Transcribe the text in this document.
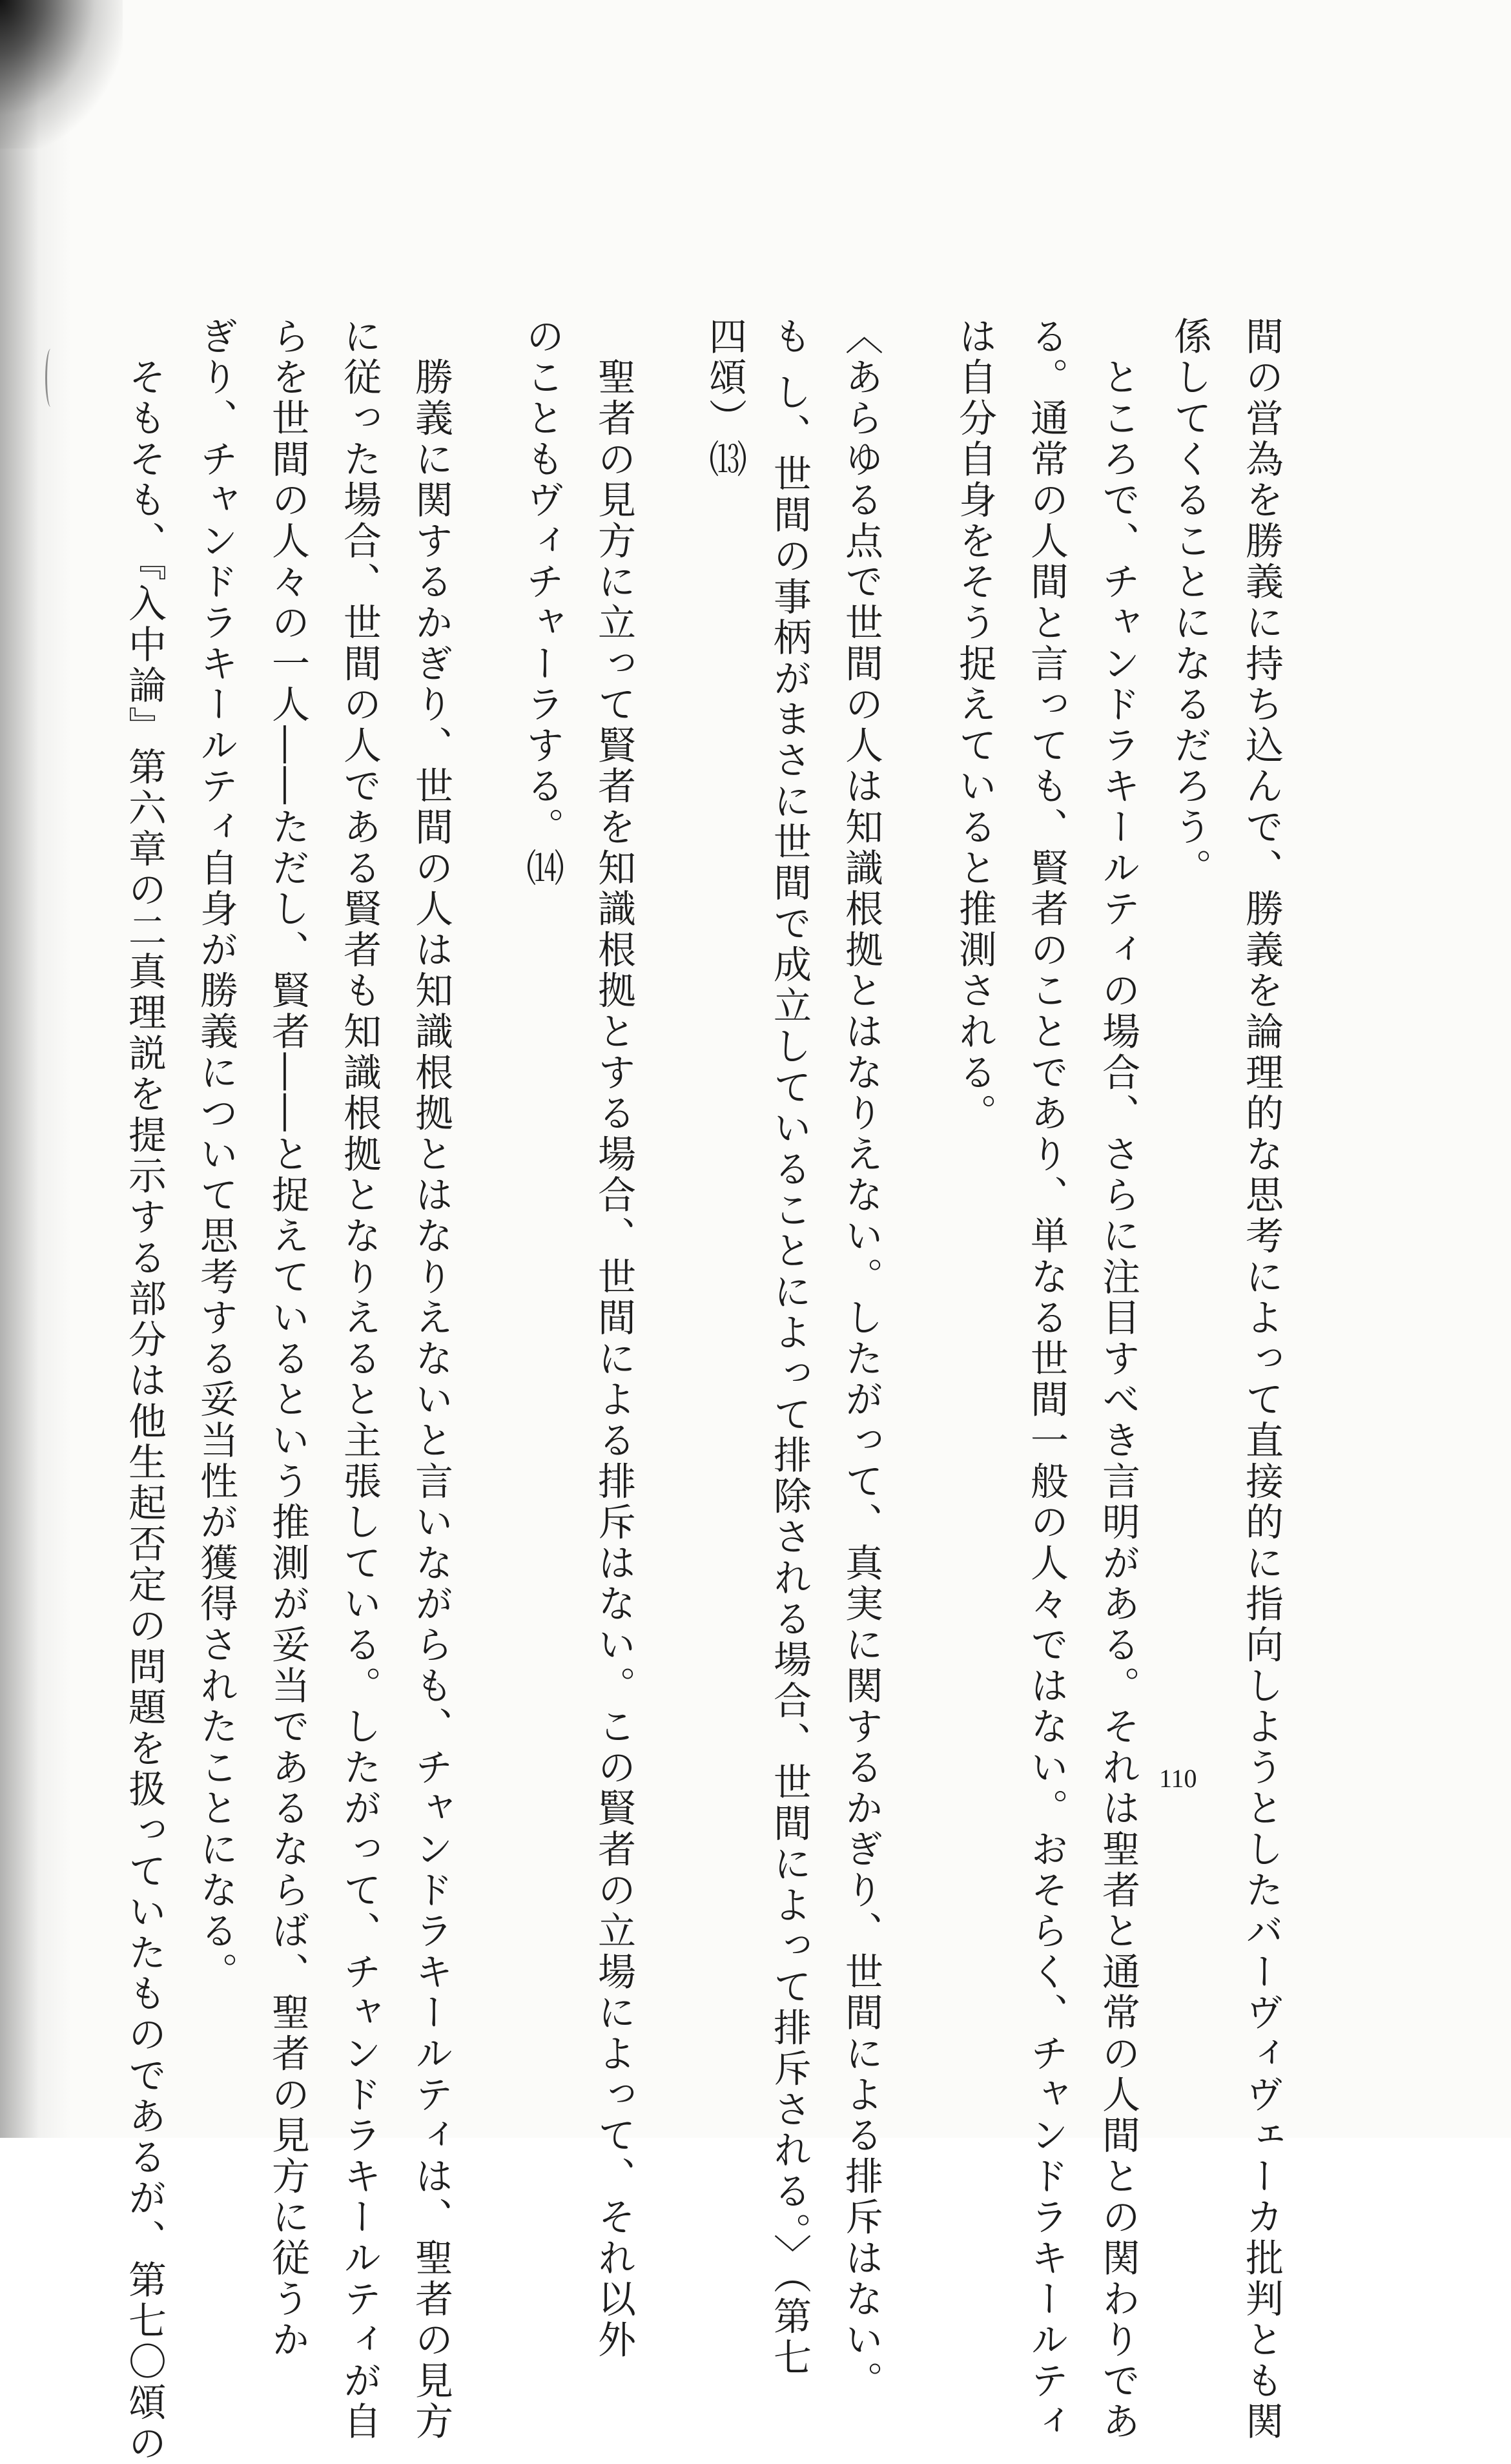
間の営為を勝義に持ち込んで、勝義を論理的な思考によって直接的に指向しようとしたバーヴィヴェーカ批判とも関
係してくることになるだろう。
　ところで、チャンドラキールティの場合、さらに注目すべき言明がある。それは聖者と通常の人間との関わりであ
る。通常の人間と言っても、賢者のことであり、単なる世間一般の人々ではない。おそらく、チャンドラキールティ
は自分自身をそう捉えていると推測される。
〈あらゆる点で世間の人は知識根拠とはなりえない。したがって、真実に関するかぎり、世間による排斥はない。
も し、世間の事柄がまさに世間で成立していることによって排除される場合、世間によって排斥される。〉（第七
四頌）⒀
　聖者の見方に立って賢者を知識根拠とする場合、世間による排斥はない。この賢者の立場によって、それ以外
のこともヴィチャーラする。⒁
　勝義に関するかぎり、世間の人は知識根拠とはなりえないと言いながらも、チャンドラキールティは、聖者の見方
に従った場合、世間の人である賢者も知識根拠となりえると主張している。したがって、チャンドラキールティが自
らを世間の人々の一人――ただし、賢者――と捉えているという推測が妥当であるならば、聖者の見方に従うか
ぎり、チャンドラキールティ自身が勝義について思考する妥当性が獲得されたことになる。
　そもそも、『入中論』第六章の二真理説を提示する部分は他生起否定の問題を扱っていたものであるが、第七〇頌の	110
